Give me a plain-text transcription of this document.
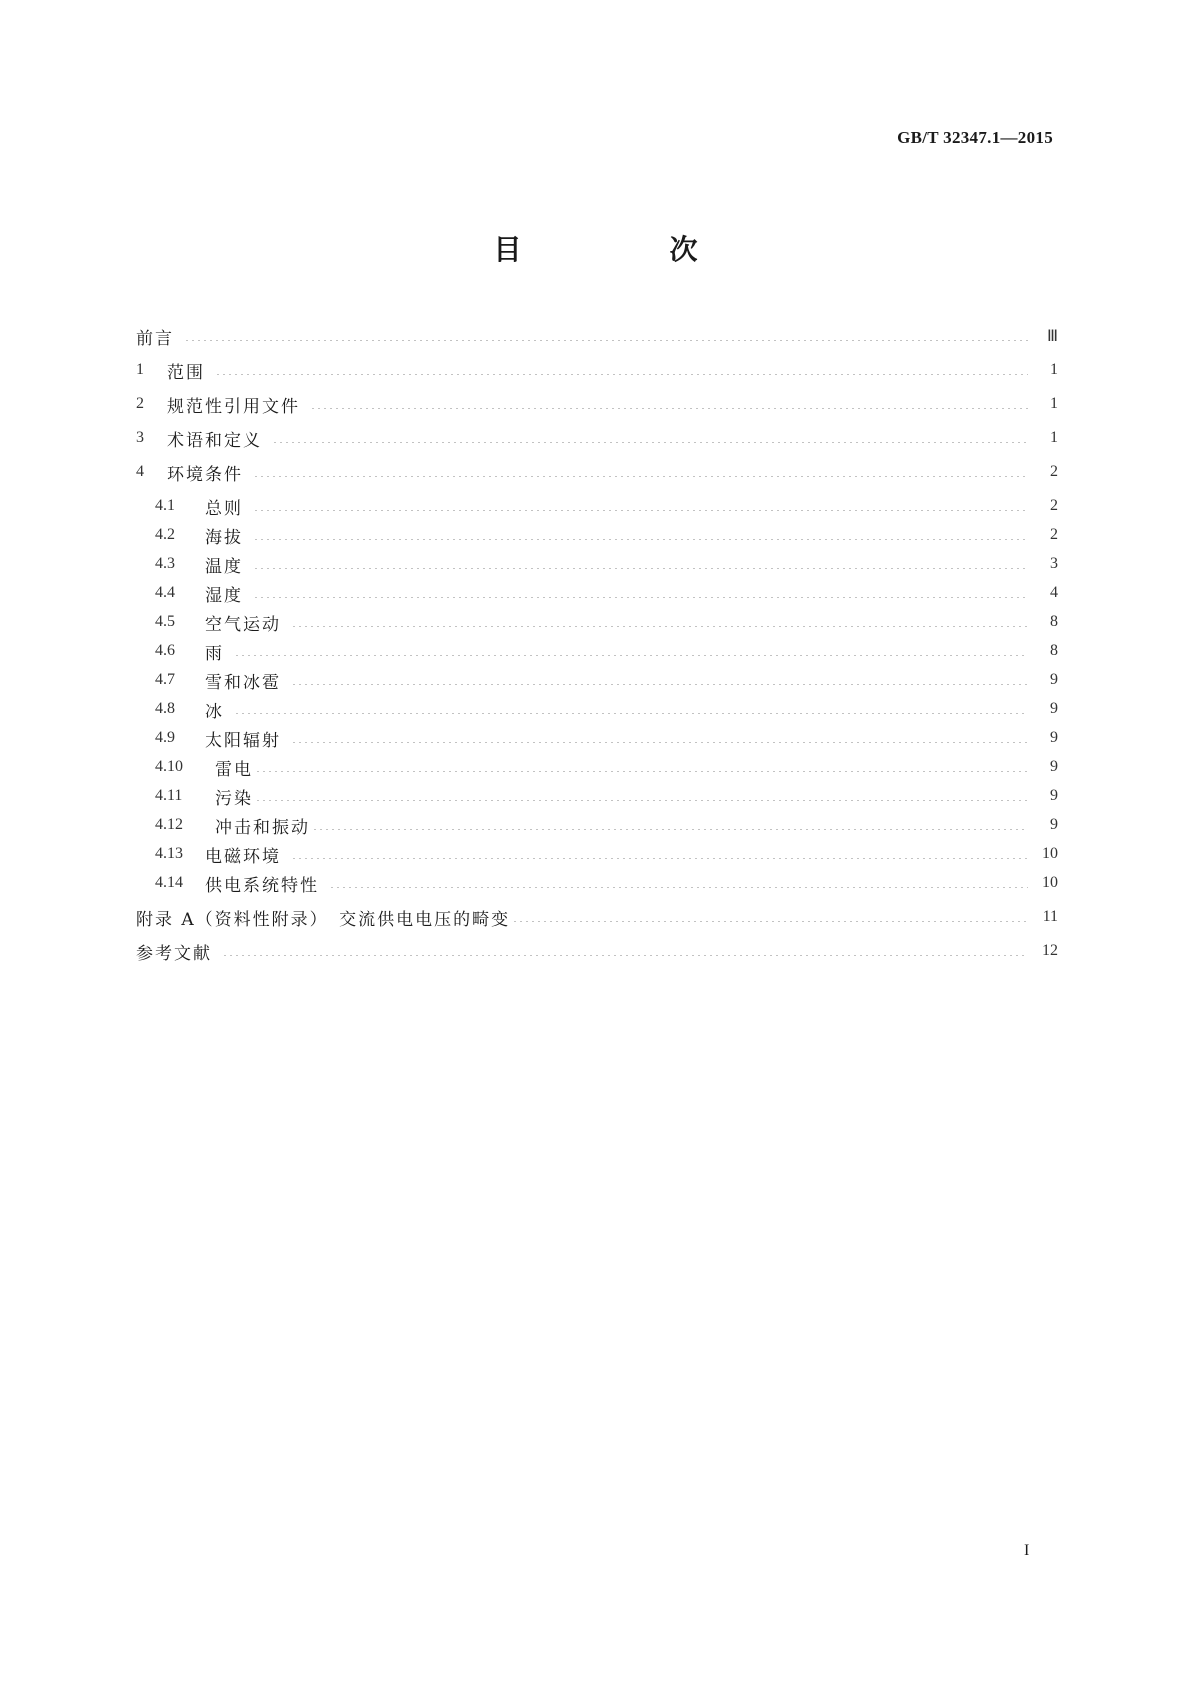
GB/T 32347.1—2015
目　次
前言	Ⅲ
1	范围	1
2	规范性引用文件	1
3	术语和定义	1
4	环境条件	2
4.1	总则	2
4.2	海拔	2
4.3	温度	3
4.4	湿度	4
4.5	空气运动	8
4.6	雨	8
4.7	雪和冰雹	9
4.8	冰	9
4.9	太阳辐射	9
4.10	雷电	9
4.11	污染	9
4.12	冲击和振动	9
4.13	电磁环境	10
4.14	供电系统特性	10
附录 A（资料性附录）　交流供电电压的畸变	11
参考文献	12
I
